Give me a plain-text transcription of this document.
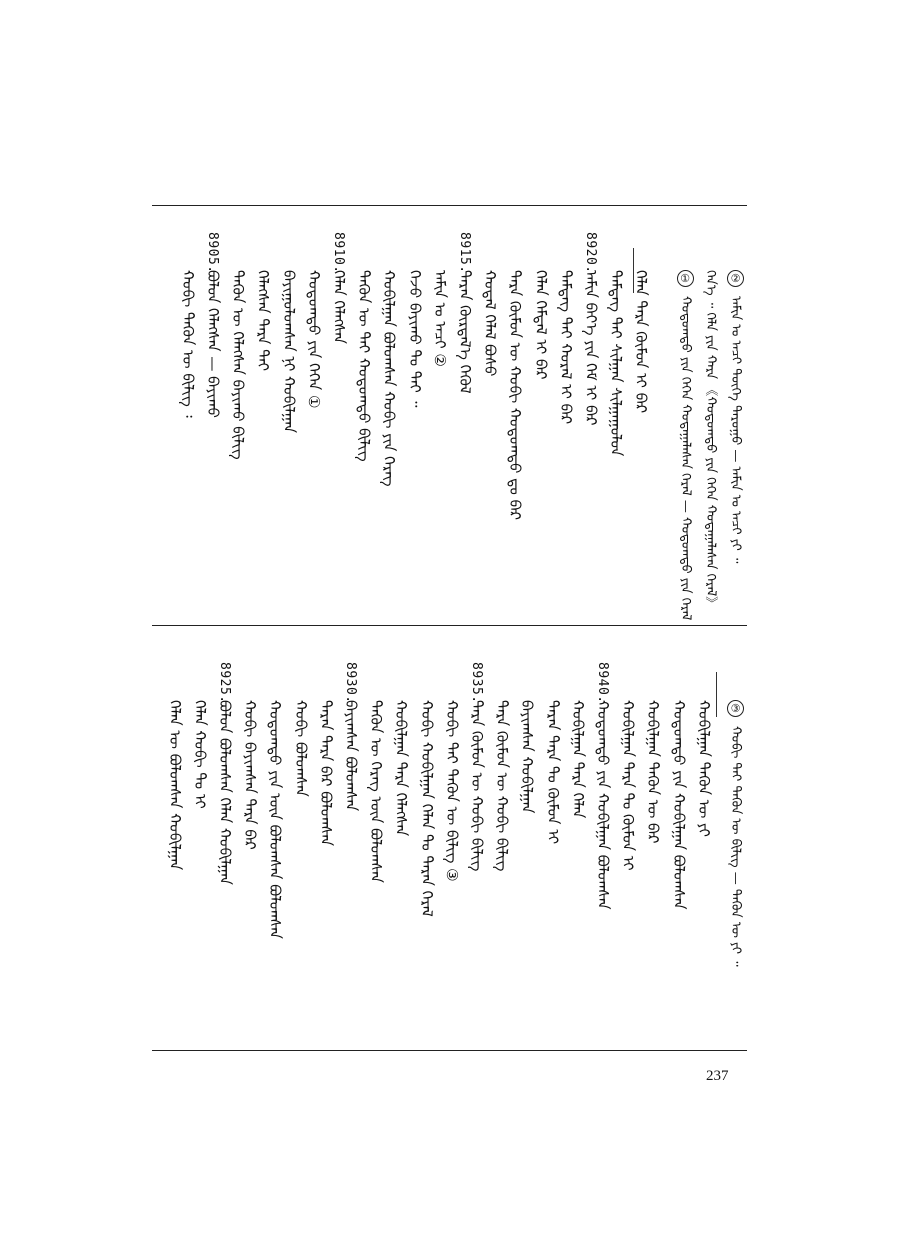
②
ᠠᠮᠢᠨ ᠤ ᠠᠴᠢ ᠲᠦᠭᠡ ᠳᠠᠷᠤᠭᠤ — ᠠᠮᠢᠨ ᠤ ᠠᠴᠢ ᠶᠢ ᠃
ᠭᠡᠨ᠎ᠡ ᠃ ᠬᠡᠯᠡ ᠶᠢᠨ ᠬᠠᠷᠠ 《ᠬᠤᠲᠤᠭᠲᠤ ᠶᠢᠨ ᠭᠡᠭᠡᠨ ᠬᠤᠲᠠᠭᠠᠯᠠᠰᠠᠨ ᠭᠡᠷᠡᠯ》
①
ᠬᠤᠲᠤᠭᠲᠤ ᠶᠢᠨ ᠭᠡᠭᠡᠨ ᠬᠤᠲᠠᠭᠠᠯᠠᠰᠠᠨ ᠭᠡᠷᠡᠯ — ᠬᠤᠲᠤᠭᠲᠤ ᠶᠢᠨ ᠭᠡᠷᠡᠯ
ᠬᠡᠯᠡᠨ ᠲᠡᠷᠡ ᠬᠦᠮᠦᠨ ᠢ ᠪᠠᠷ
ᠲᠡᠮᠳᠡᠭ ᠲᠡᠢ ᠰᠢᠯᠭᠠᠨ ᠰᠢᠯᠭᠠᠭᠤᠯᠤᠨ
8920.
ᠠᠮᠢᠨ ᠪᠡᠶ᠎ᠡ ᠶᠢᠨ ᠭᠡᠮ ᠢ ᠪᠠᠷ
ᠲᠡᠮᠳᠡᠭ ᠲᠡᠢ ᠬᠤᠷᠠᠯ ᠢ ᠪᠠᠷ
ᠬᠡᠯᠡᠨ ᠭᠡᠮᠲᠡᠯ ᠢ ᠪᠠᠷ
ᠲᠡᠷᠡ ᠬᠦᠮᠦᠨ ᠦ ᠬᠤᠪᠢ ᠬᠤᠲᠤᠭᠲᠤ ᠳᠤ ᠪᠠᠷ
ᠬᠤᠳᠠᠯ ᠬᠡᠯᠡᠯ ᠪᠤᠰᠤ
8915.
ᠲᠡᠷᠡᠨ ᠬᠦᠷᠲᠡᠯ᠎ᠡ ᠬᠡᠭᠦᠯ
ᠠᠮᠢᠨ ᠤ ᠠᠴᠢ ②
ᠭᠡᠵᠦ ᠪᠠᠶᠢᠬᠤ ᠲᠤ ᠲᠡᠢ ᠃
ᠬᠤᠪᠢᠯᠭᠠᠨ ᠪᠤᠯᠤᠭᠰᠠᠨ ᠬᠤᠪᠢ ᠶᠢᠨ ᠬᠡᠷᠡᠭ
ᠲᠡᠭᠦᠨ ᠦ ᠲᠡᠢ ᠬᠤᠲᠤᠭᠲᠤ ᠪᠢᠯᠢᠭ
8910.
ᠬᠡᠯᠡᠨ ᠬᠡᠯᠡᠭᠰᠡᠨ
ᠬᠤᠲᠤᠭᠲᠤ ᠶᠢᠨ ᠭᠡᠭᠡᠨ ①
ᠪᠠᠶᠢᠭᠤᠯᠤᠭᠰᠠᠨ ᠨᠢ ᠬᠤᠪᠢᠯᠭᠠᠨ
ᠬᠡᠯᠡᠭᠰᠡᠨ ᠲᠡᠷᠡ ᠲᠡᠢ
ᠲᠡᠭᠦᠨ ᠦ ᠬᠡᠯᠡᠭᠰᠡᠨ ᠪᠠᠶᠢᠬᠤ ᠪᠢᠯᠢᠭ
8905.
ᠪᠤᠯᠤᠨ ᠬᠡᠯᠡᠭᠰᠡᠨ — ᠪᠠᠶᠢᠬᠤ
ᠬᠤᠪᠢ ᠲᠡᠭᠦᠨ ᠦ ᠪᠢᠯᠢᠭ ᠄
③
ᠬᠤᠪᠢ ᠲᠡᠢ ᠲᠡᠭᠦᠨ ᠦ ᠪᠢᠯᠢᠭ — ᠲᠡᠭᠦᠨ ᠦ ᠶᠢ ᠃
ᠬᠤᠪᠢᠯᠭᠠᠨ ᠲᠡᠭᠦᠨ ᠦ ᠶᠢ
ᠬᠤᠲᠤᠭᠲᠤ ᠶᠢᠨ ᠬᠤᠪᠢᠯᠭᠠᠨ ᠪᠤᠯᠤᠭᠰᠠᠨ
ᠬᠤᠪᠢᠯᠭᠠᠨ ᠲᠡᠭᠦᠨ ᠦ ᠪᠠᠷ
ᠬᠤᠪᠢᠯᠭᠠᠨ ᠲᠡᠷᠡ ᠲᠤ ᠬᠦᠮᠦᠨ ᠢ
8940.
ᠬᠤᠲᠤᠭᠲᠤ ᠶᠢᠨ ᠬᠤᠪᠢᠯᠭᠠᠨ ᠪᠤᠯᠤᠭᠰᠠᠨ
ᠬᠤᠪᠢᠯᠭᠠᠨ ᠲᠡᠷᠡ ᠬᠡᠯᠡᠨ
ᠲᠡᠷᠡᠨ ᠲᠡᠷᠡ ᠲᠤ ᠬᠦᠮᠦᠨ ᠢ
ᠪᠠᠶᠢᠭᠰᠠᠨ ᠬᠤᠪᠢᠯᠭᠠᠨ
ᠲᠡᠷᠡ ᠬᠦᠮᠦᠨ ᠦ ᠬᠤᠪᠢ ᠪᠢᠯᠢᠭ
8935.
ᠲᠡᠷᠡ ᠬᠦᠮᠦᠨ ᠦ ᠬᠤᠪᠢ ᠪᠢᠯᠢᠭ
ᠬᠤᠪᠢ ᠲᠡᠢ ᠲᠡᠭᠦᠨ ᠦ ᠪᠢᠯᠢᠭ ③
ᠬᠤᠪᠢ ᠬᠤᠪᠢᠯᠭᠠᠨ ᠬᠡᠯᠡᠨ ᠲᠤ ᠲᠡᠷᠡᠨ ᠭᠡᠷᠡᠯ
ᠬᠤᠪᠢᠯᠭᠠᠨ ᠲᠡᠷᠡ ᠬᠡᠯᠡᠭᠰᠡᠨ
ᠲᠡᠭᠦᠨ ᠦ ᠬᠡᠷᠡᠭ ᠦᠨ ᠪᠤᠯᠤᠭᠰᠠᠨ
8930.
ᠪᠠᠶᠢᠭᠰᠠᠨ ᠪᠤᠯᠤᠭᠰᠠᠨ
ᠲᠡᠷᠡᠨ ᠲᠡᠷᠡ ᠪᠠᠷ ᠪᠤᠯᠤᠭᠰᠠᠨ
ᠬᠤᠪᠢ ᠪᠤᠯᠤᠭᠰᠠᠨ
ᠬᠤᠲᠤᠭᠲᠤ ᠶᠢᠨ ᠦᠨ ᠪᠤᠯᠤᠭᠰᠠᠨ ᠪᠤᠯᠤᠭᠰᠠᠨ
ᠬᠤᠪᠢ ᠪᠠᠶᠢᠭᠰᠠᠨ ᠲᠡᠷᠡ ᠪᠠᠷ
8925.
ᠪᠤᠯᠤᠨ ᠪᠤᠯᠤᠭᠰᠠᠨ ᠬᠡᠯᠡᠨ ᠬᠤᠪᠢᠯᠭᠠᠨ
ᠬᠡᠯᠡᠨ ᠬᠤᠪᠢ ᠲᠤ ᠢ
ᠬᠡᠯᠡᠨ ᠦ ᠪᠤᠯᠤᠭᠰᠠᠨ ᠬᠤᠪᠢᠯᠭᠠᠨ
237
